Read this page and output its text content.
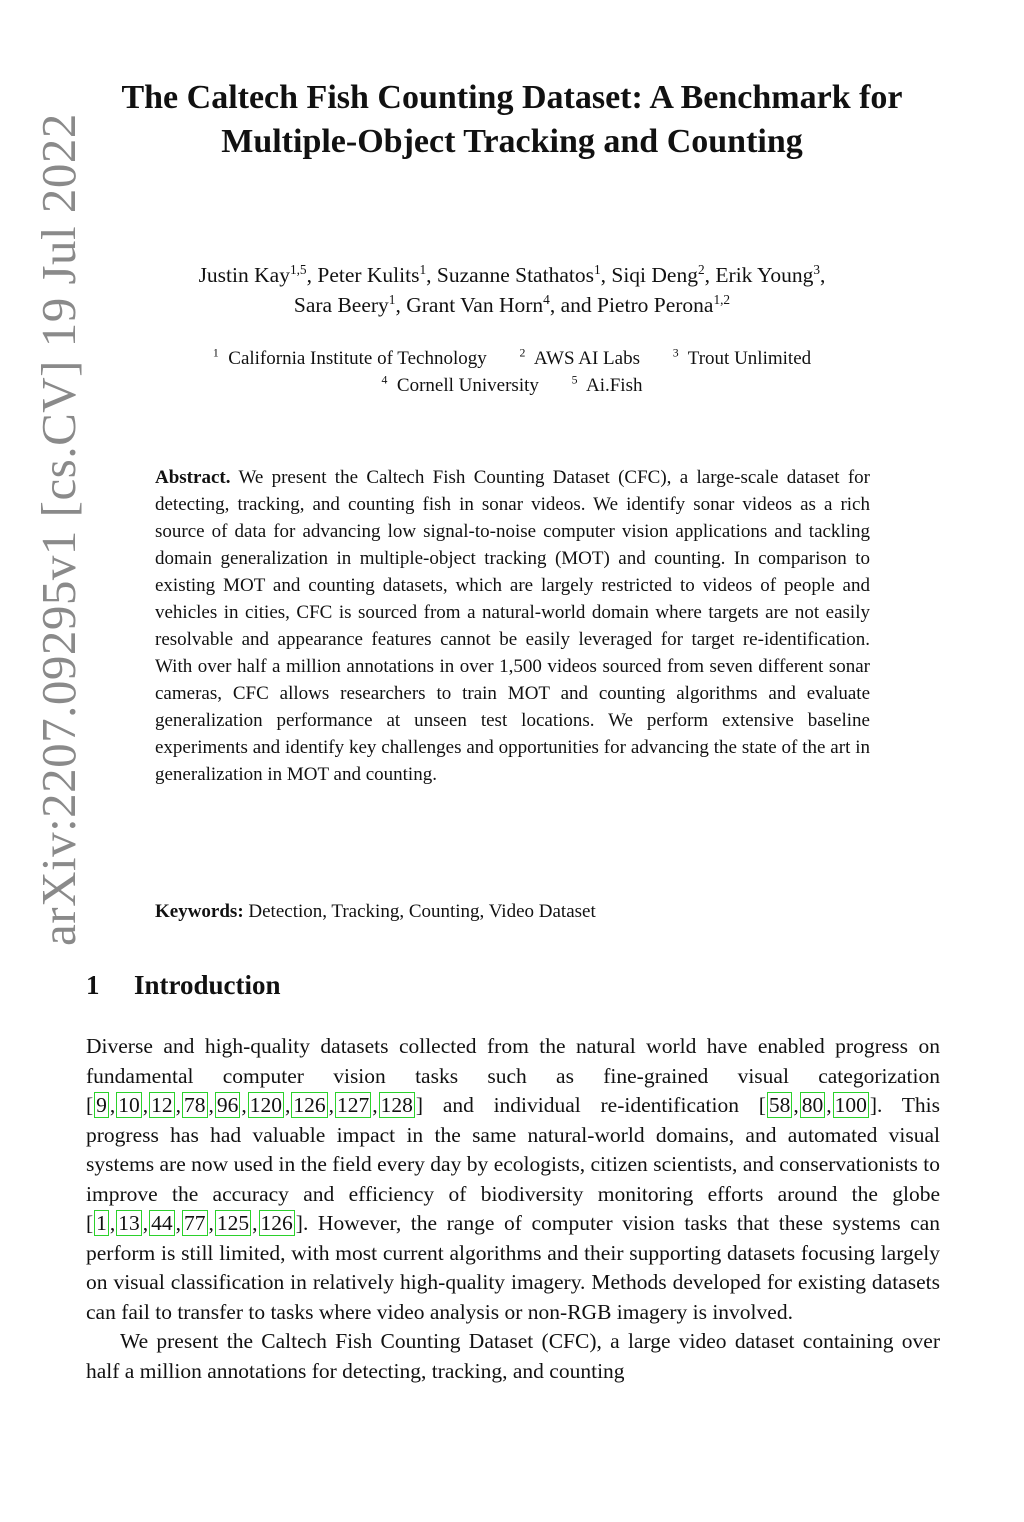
arXiv:2207.09295v1 [cs.CV] 19 Jul 2022
The Caltech Fish Counting Dataset: A Benchmark for Multiple-Object Tracking and Counting
Justin Kay$^{1,5}$, Peter Kulits$^1$, Suzanne Stathatos$^1$, Siqi Deng$^2$, Erik Young$^3$,
Sara Beery$^1$, Grant Van Horn$^4$, and Pietro Perona$^{1,2}$
$^1$ California Institute of Technology	$^2$ AWS AI Labs	$^3$ Trout Unlimited
$^4$ Cornell University	$^5$ Ai.Fish
Abstract. We present the Caltech Fish Counting Dataset (CFC), a large-scale dataset for detecting, tracking, and counting fish in sonar videos. We identify sonar videos as a rich source of data for advancing low signal-to-noise computer vision applications and tackling domain generalization in multiple-object tracking (MOT) and counting. In comparison to existing MOT and counting datasets, which are largely restricted to videos of people and vehicles in cities, CFC is sourced from a natural-world domain where targets are not easily resolvable and appearance features cannot be easily leveraged for target re-identification. With over half a million annotations in over 1,500 videos sourced from seven different sonar cameras, CFC allows researchers to train MOT and counting algorithms and evaluate generalization performance at unseen test locations. We perform extensive baseline experiments and identify key challenges and opportunities for advancing the state of the art in generalization in MOT and counting.
Keywords: Detection, Tracking, Counting, Video Dataset
1 Introduction

Diverse and high-quality datasets collected from the natural world have enabled progress on fundamental computer vision tasks such as fine-grained visual categorization [ 9 , 10 , 12 , 78 , 96 , 120 , 126 , 127 , 128 ] and individual re-identification [ 58 , 80 , 100 ]. This progress has had valuable impact in the same natural-world domains, and automated visual systems are now used in the field every day by ecologists, citizen scientists, and conservationists to improve the accuracy and efficiency of biodiversity monitoring efforts around the globe [ 1 , 13 , 44 , 77 , 125 , 126 ]. However, the range of computer vision tasks that these systems can perform is still limited, with most current algorithms and their supporting datasets focusing largely on visual classification in relatively high-quality imagery. Methods developed for existing datasets can fail to transfer to tasks where video analysis or non-RGB imagery is involved.

We present the Caltech Fish Counting Dataset (CFC), a large video dataset containing over half a million annotations for detecting, tracking, and counting
